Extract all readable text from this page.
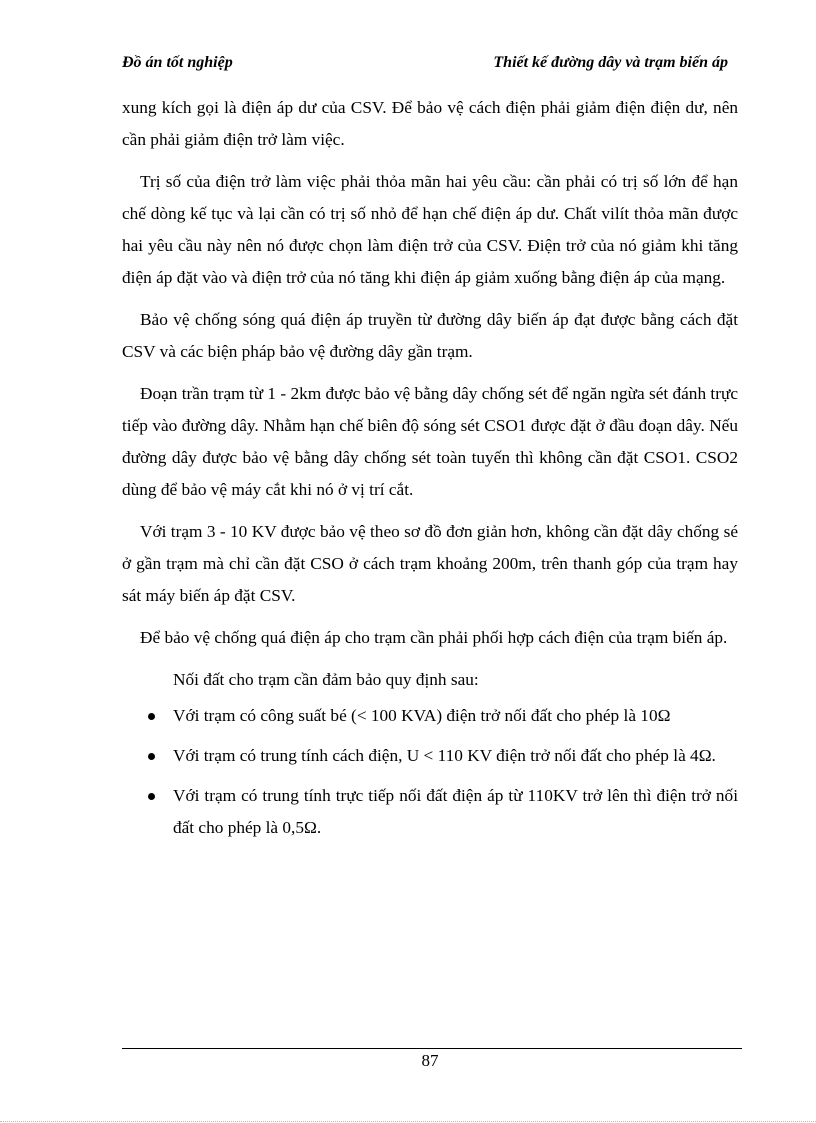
Đồ án tốt nghiệp	Thiết kế đường dây và trạm biến áp

xung kích gọi là điện áp dư của CSV. Để bảo vệ cách điện phải giảm điện điện dư, nên cần phải giảm điện trở làm việc.

Trị số của điện trở làm việc phải thỏa mãn hai yêu cầu: cần phải có trị số lớn để hạn chế dòng kế tục và lại cần có trị số nhỏ để hạn chế điện áp dư. Chất vilít thỏa mãn được hai yêu cầu này nên nó được chọn làm điện trở của CSV. Điện trở của nó giảm khi tăng điện áp đặt vào và điện trở của nó tăng khi điện áp giảm xuống bằng điện áp của mạng.

Bảo vệ chống sóng quá điện áp truyền từ đường dây biến áp đạt được bằng cách đặt CSV và các biện pháp bảo vệ đường dây gần trạm.

Đoạn trần trạm từ 1 - 2km được bảo vệ bằng dây chống sét để ngăn ngừa sét đánh trực tiếp vào đường dây. Nhằm hạn chế biên độ sóng sét CSO1 được đặt ở đầu đoạn dây. Nếu đường dây được bảo vệ bằng dây chống sét toàn tuyến thì không cần đặt CSO1. CSO2 dùng để bảo vệ máy cắt khi nó ở vị trí cắt.

Với trạm 3 - 10 KV được bảo vệ theo sơ đồ đơn giản hơn, không cần đặt dây chống sé ở gần trạm mà chỉ cần đặt CSO ở cách trạm khoảng 200m, trên thanh góp của trạm hay sát máy biến áp đặt CSV.

Để bảo vệ chống quá điện áp cho trạm cần phải phối hợp cách điện của trạm biến áp.

Nối đất cho trạm cần đảm bảo quy định sau:

Với trạm có công suất bé (< 100 KVA) điện trở nối đất cho phép là 10Ω
Với trạm có trung tính cách điện, U < 110 KV điện trở nối đất cho phép là 4Ω.
Với trạm có trung tính trực tiếp nối đất điện áp từ 110KV trở lên thì điện trở nối đất cho phép là 0,5Ω.
87
